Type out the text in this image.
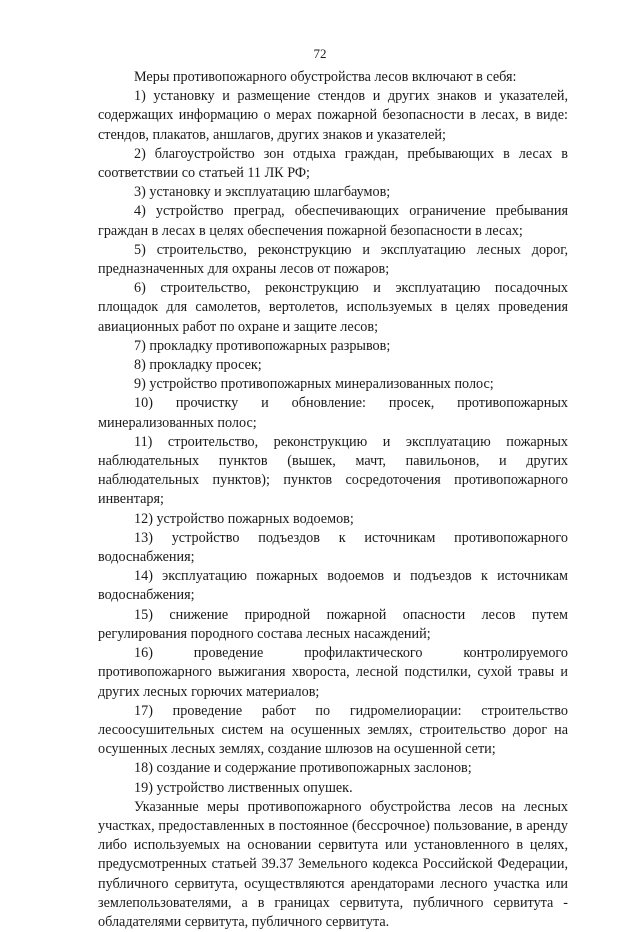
72

Меры противопожарного обустройства лесов включают в себя:

1) установку и размещение стендов и других знаков и указателей, содержащих информацию о мерах пожарной безопасности в лесах, в виде: стендов, плакатов, аншлагов, других знаков и указателей;

2) благоустройство зон отдыха граждан, пребывающих в лесах в соответствии со статьей 11 ЛК РФ;

3) установку и эксплуатацию шлагбаумов;

4) устройство преград, обеспечивающих ограничение пребывания граждан в лесах в целях обеспечения пожарной безопасности в лесах;

5) строительство, реконструкцию и эксплуатацию лесных дорог, предназначенных для охраны лесов от пожаров;

6) строительство, реконструкцию и эксплуатацию посадочных площадок для самолетов, вертолетов, используемых в целях проведения авиационных работ по охране и защите лесов;

7) прокладку противопожарных разрывов;

8) прокладку просек;

9) устройство противопожарных минерализованных полос;

10) прочистку и обновление: просек, противопожарных минерализованных полос;

11) строительство, реконструкцию и эксплуатацию пожарных наблюдательных пунктов (вышек, мачт, павильонов, и других наблюдательных пунктов); пунктов сосредоточения противопожарного инвентаря;

12) устройство пожарных водоемов;

13) устройство подъездов к источникам противопожарного водоснабжения;

14) эксплуатацию пожарных водоемов и подъездов к источникам водоснабжения;

15) снижение природной пожарной опасности лесов путем регулирования породного состава лесных насаждений;

16) проведение профилактического контролируемого противопожарного выжигания хвороста, лесной подстилки, сухой травы и других лесных горючих материалов;

17) проведение работ по гидромелиорации: строительство лесоосушительных систем на осушенных землях, строительство дорог на осушенных лесных землях, создание шлюзов на осушенной сети;

18) создание и содержание противопожарных заслонов;

19) устройство лиственных опушек.

Указанные меры противопожарного обустройства лесов на лесных участках, предоставленных в постоянное (бессрочное) пользование, в аренду либо используемых на основании сервитута или установленного в целях, предусмотренных статьей 39.37 Земельного кодекса Российской Федерации, публичного сервитута, осуществляются арендаторами лесного участка или землепользователями, а в границах сервитута, публичного сервитута - обладателями сервитута, публичного сервитута.
